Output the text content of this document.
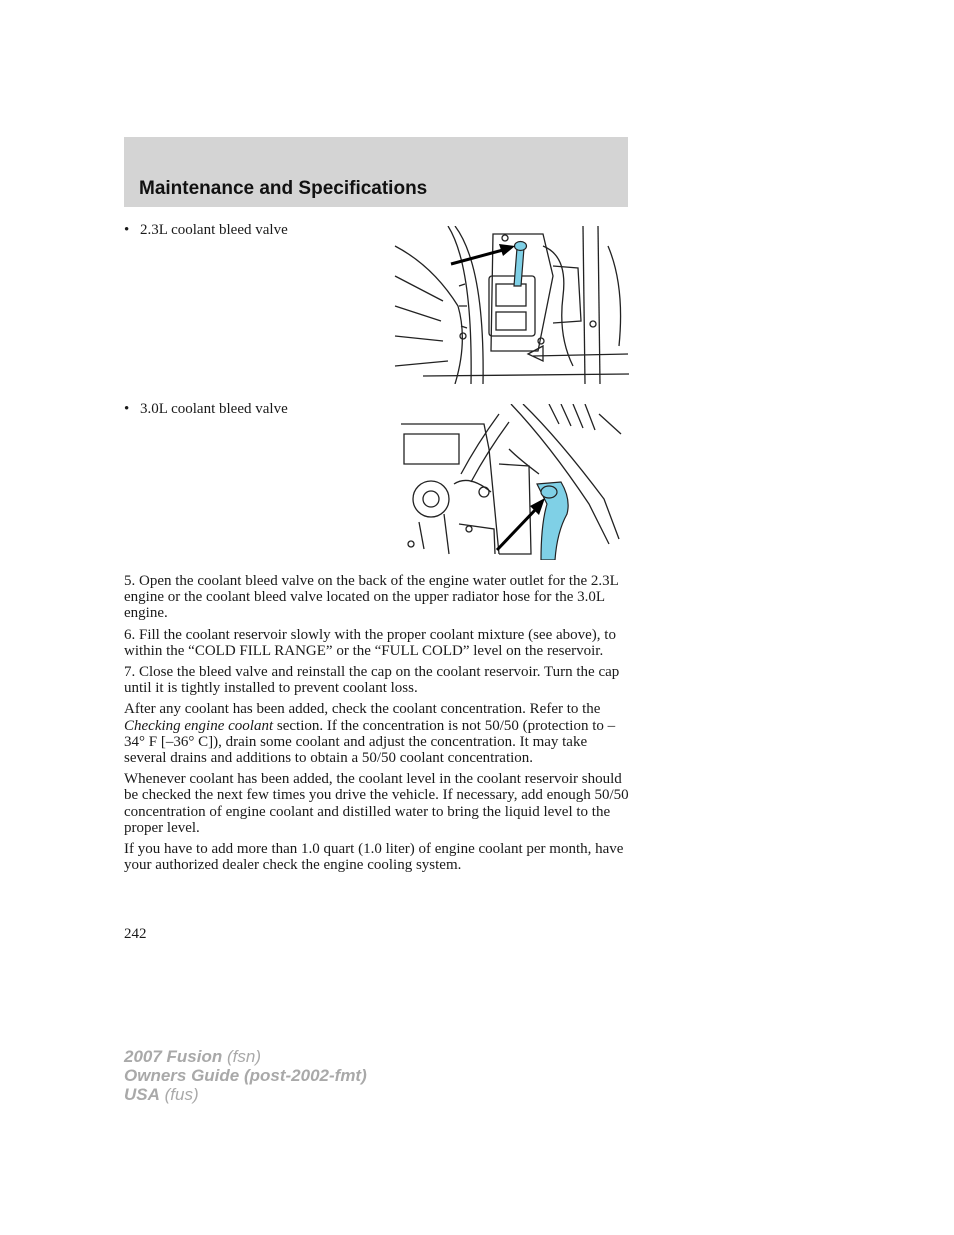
Maintenance and Specifications
• 2.3L coolant bleed valve
• 3.0L coolant bleed valve

5. Open the coolant bleed valve on the back of the engine water outlet for the 2.3L engine or the coolant bleed valve located on the upper radiator hose for the 3.0L engine.

6. Fill the coolant reservoir slowly with the proper coolant mixture (see above), to within the “COLD FILL RANGE” or the “FULL COLD” level on the reservoir.

7. Close the bleed valve and reinstall the cap on the coolant reservoir. Turn the cap until it is tightly installed to prevent coolant loss.

After any coolant has been added, check the coolant concentration. Refer to the Checking engine coolant section. If the concentration is not 50/50 (protection to –34° F [–36° C]), drain some coolant and adjust the concentration. It may take several drains and additions to obtain a 50/50 coolant concentration.

Whenever coolant has been added, the coolant level in the coolant reservoir should be checked the next few times you drive the vehicle. If necessary, add enough 50/50 concentration of engine coolant and distilled water to bring the liquid level to the proper level.

If you have to add more than 1.0 quart (1.0 liter) of engine coolant per month, have your authorized dealer check the engine cooling system.

242
2007 Fusion (fsn)
Owners Guide (post-2002-fmt)
USA (fus)
